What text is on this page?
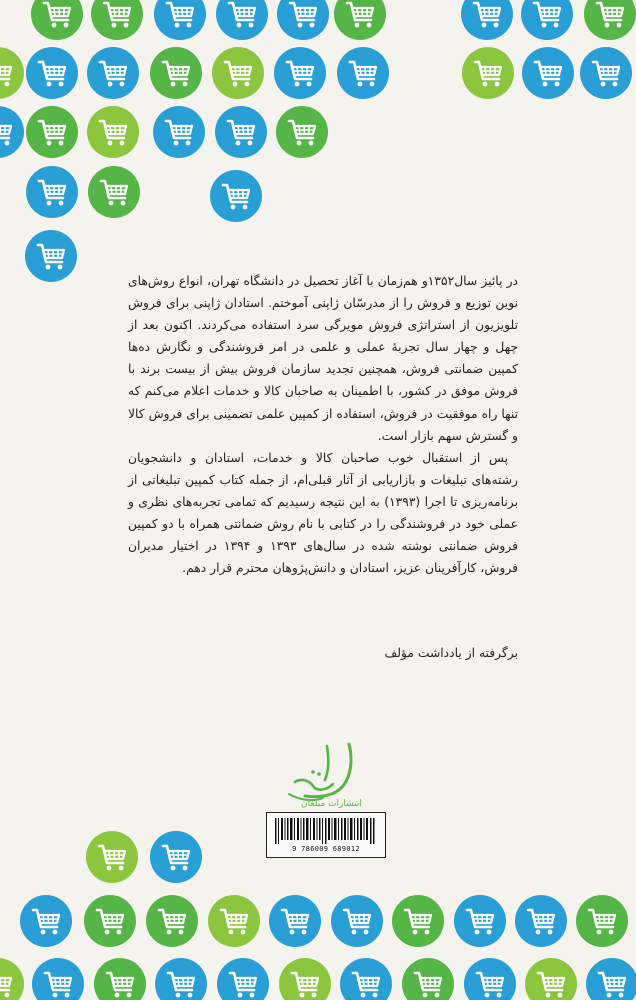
در پائیز سال۱۳۵۲و هم‌زمان با آغاز تحصیل در دانشگاه تهران، انواع روش‌های نوین توزیع و فروش را از مدرسّان ژاپنی آموختم. استادان ژاپنی برای فروش تلویزیون از استراتژی فروش مویرگی سرد استفاده می‌کردند. اکنون بعد از چهل و چهار سال تجربهٔ عملی و علمی در امر فروشندگی و نگارش ده‌ها کمپین ضمانتی فروش، همچنین تجدید سازمان فروش بیش از بیست برند با فروش موفق در کشور، با اطمینان به صاحبان کالا و خدمات اعلام می‌کنم که تنها راه موفقیت در فروش، استفاده از کمپین علمی تضمینی برای فروش کالا و گسترش سهم بازار است.

پس از استقبال خوب صاحبان کالا و خدمات، استادان و دانشجویان رشته‌های تبلیغات و بازاریابی از آثار قبلی‌ام، از جمله کتاب کمپین تبلیغاتی از برنامه‌ریزی تا اجرا (۱۳۹۳) به این نتیجه رسیدیم که تمامی تجربه‌های نظری و عملی خود در فروشندگی را در کتابی با نام روش ضمانتی همراه با دو کمپین فروش ضمانتی نوشته شده در سال‌های ۱۳۹۳ و ۱۳۹۴ در اختیار مدیران فروش، کارآفرینان عزیز، استادان و دانش‌پژوهان محترم قرار دهم.

برگرفته از یادداشت مؤلف
انتشارات مبلغان
9 786009 689012
